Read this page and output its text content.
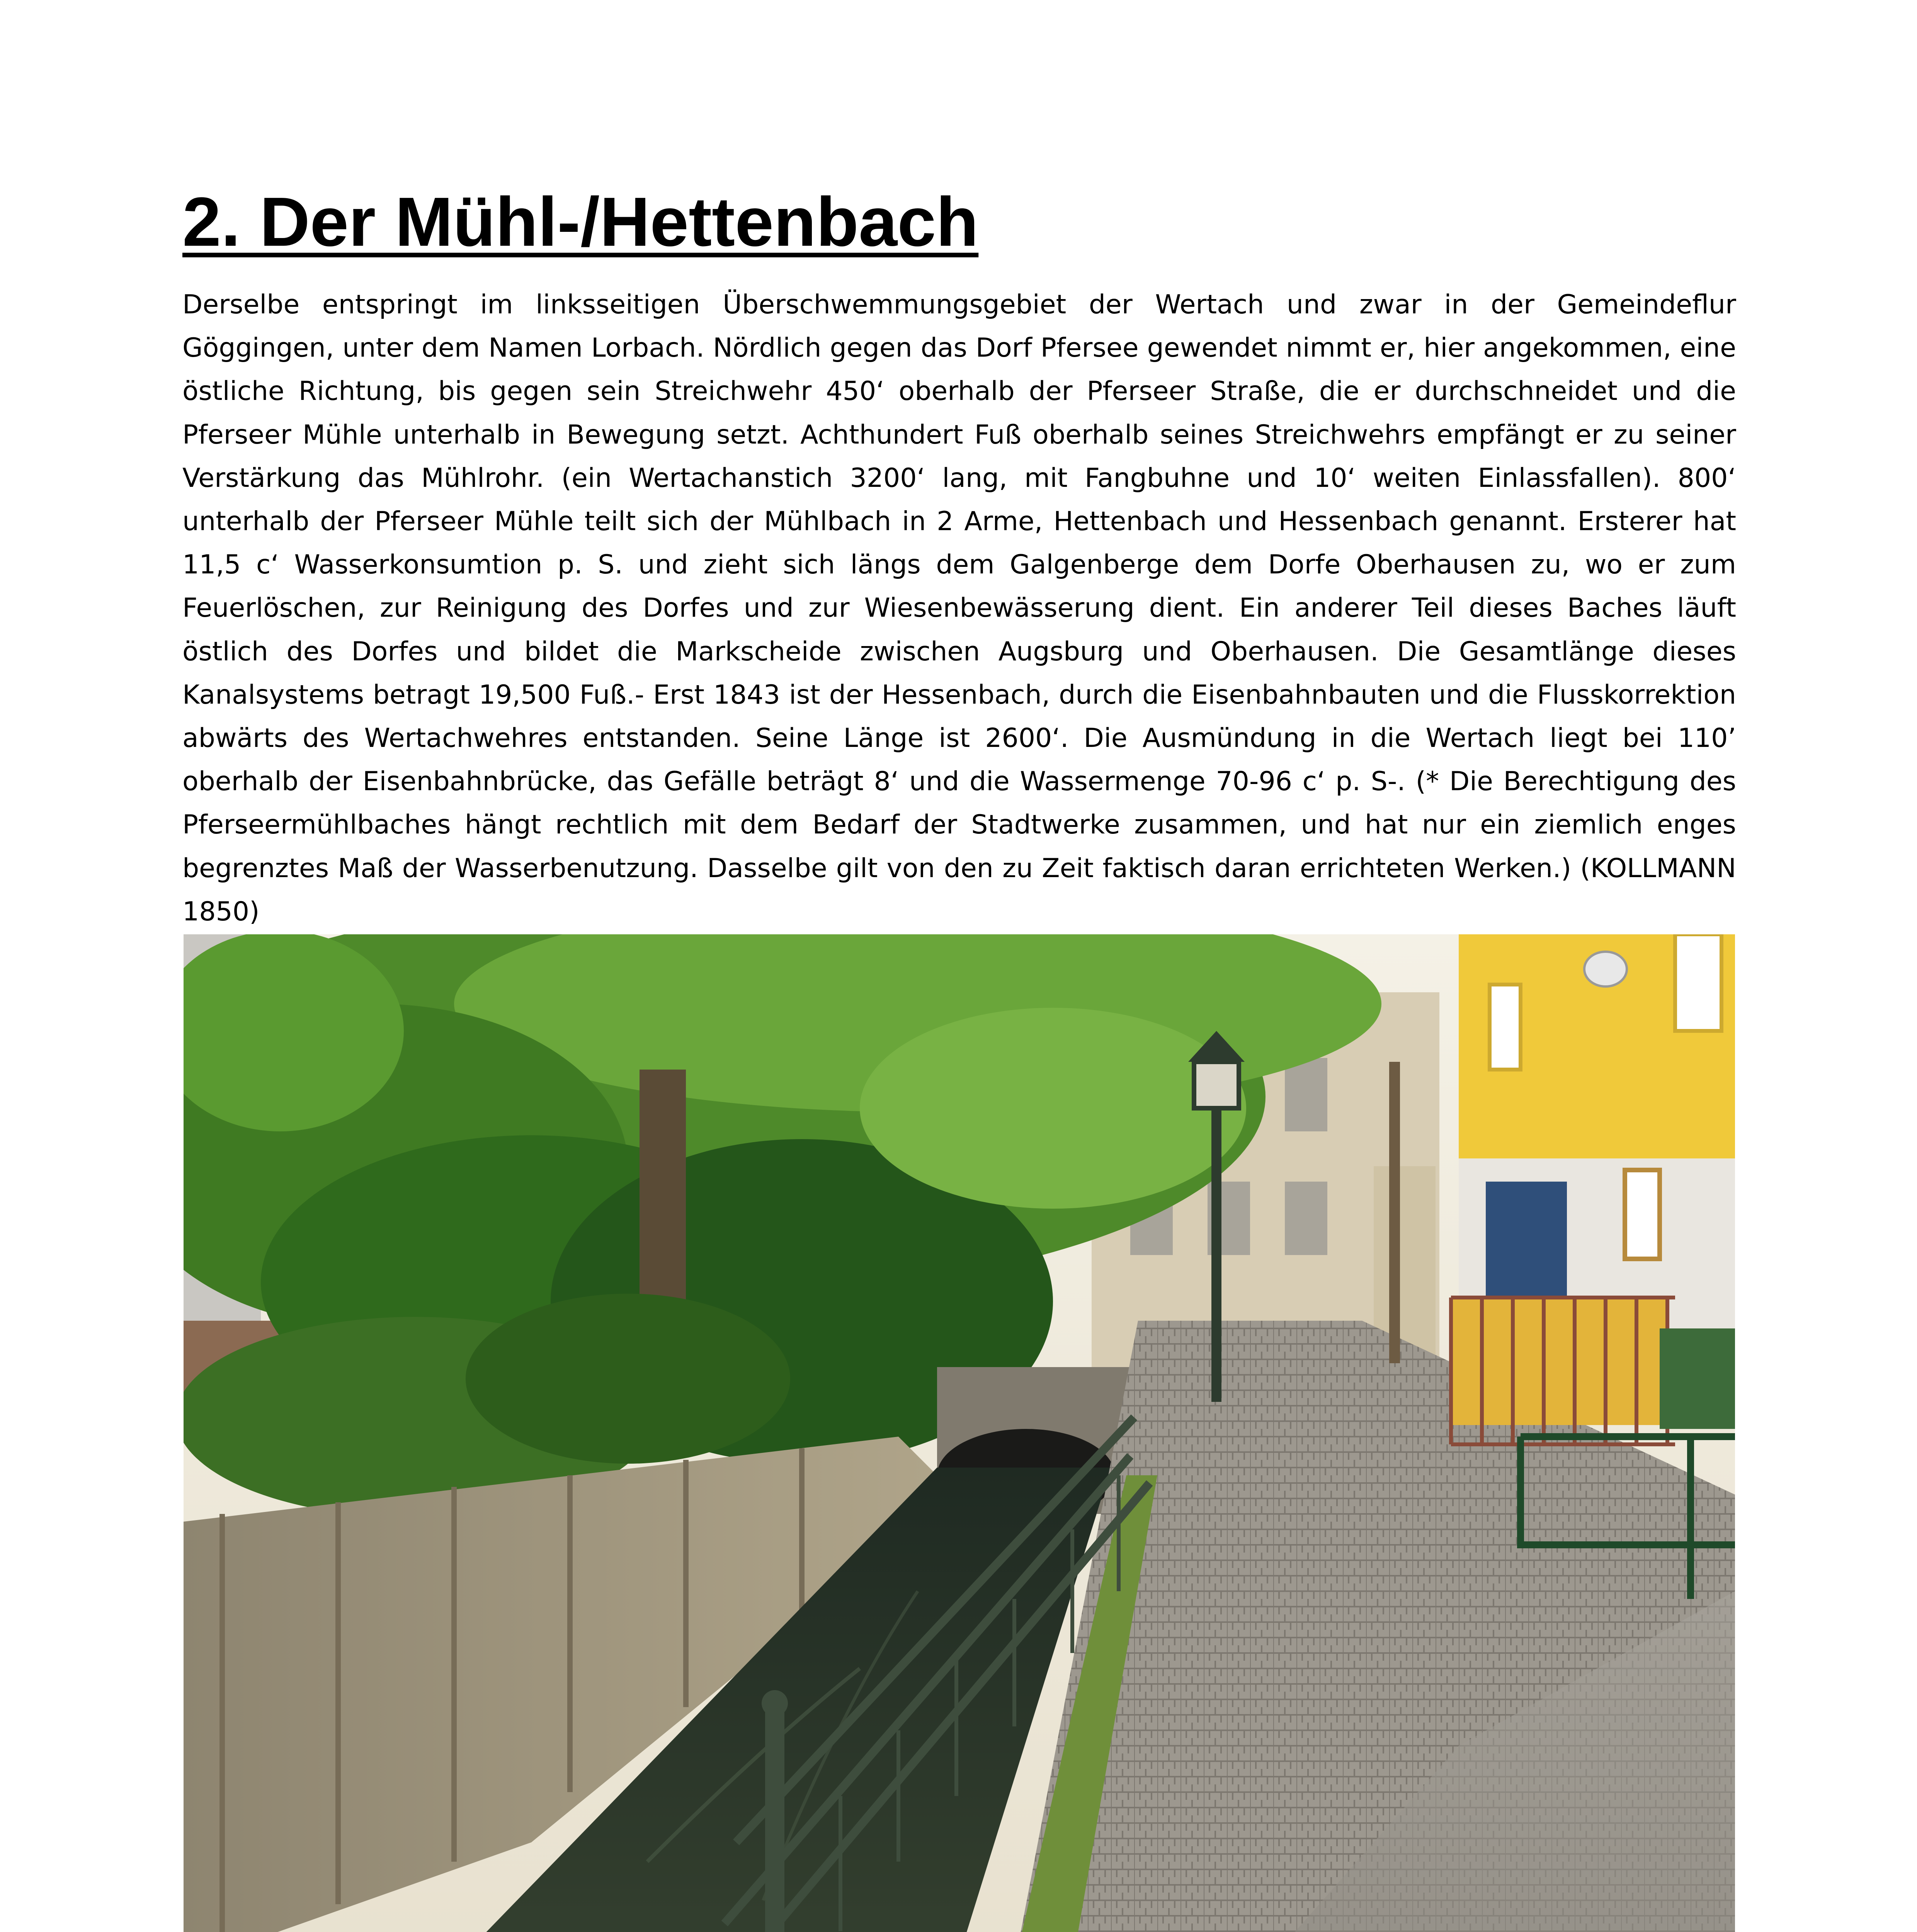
2. Der Mühl-/Hettenbach

Derselbe entspringt im linksseitigen Überschwemmungsgebiet der Wertach und zwar in der Gemeindeflur Göggingen, unter dem Namen Lorbach. Nördlich gegen das Dorf Pfersee gewendet nimmt er, hier angekommen, eine östliche Richtung, bis gegen sein Streichwehr 450‘ oberhalb der Pferseer Straße, die er durchschneidet und die Pferseer Mühle unterhalb in Bewegung setzt. Achthundert Fuß oberhalb seines Streichwehrs empfängt er zu seiner Verstärkung das Mühlrohr. (ein Wertachanstich 3200‘ lang, mit Fangbuhne und 10‘ weiten Einlassfallen). 800‘ unterhalb der Pferseer Mühle teilt sich der Mühlbach in 2 Arme, Hettenbach und Hessenbach genannt. Ersterer hat 11,5 c‘ Wasserkonsumtion p. S. und zieht sich längs dem Galgenberge dem Dorfe Oberhausen zu, wo er zum Feuerlöschen, zur Reinigung des Dorfes und zur Wiesenbewässerung dient. Ein anderer Teil dieses Baches läuft östlich des Dorfes und bildet die Markscheide zwischen Augsburg und Oberhausen. Die Gesamtlänge dieses Kanalsystems betragt 19,500 Fuß.- Erst 1843 ist der Hessenbach, durch die Eisenbahnbauten und die Flusskorrektion abwärts des Wertachwehres entstanden. Seine Länge ist 2600‘. Die Ausmündung in die Wertach liegt bei 110’ oberhalb der Eisenbahnbrücke, das Gefälle beträgt 8‘ und die Wassermenge 70-96 c‘ p. S-. (* Die Berechtigung des Pferseermühlbaches hängt rechtlich mit dem Bedarf der Stadtwerke zusammen, und hat nur ein ziemlich enges begrenztes Maß der Wasserbenutzung. Dasselbe gilt von den zu Zeit faktisch daran errichteten Werken.) (KOLLMANN 1850)
